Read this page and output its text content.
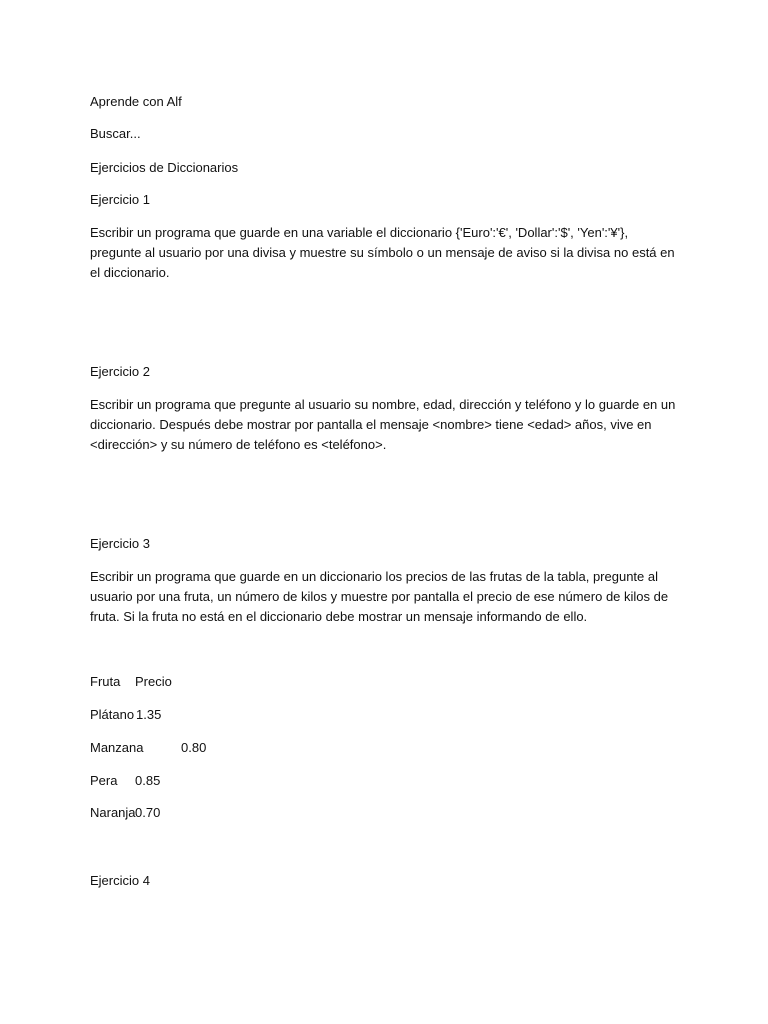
Aprende con Alf

Buscar...

Ejercicios de Diccionarios

Ejercicio 1

Escribir un programa que guarde en una variable el diccionario {'Euro':'€', 'Dollar':'$', 'Yen':'¥'}, pregunte al usuario por una divisa y muestre su símbolo o un mensaje de aviso si la divisa no está en el diccionario.

Ejercicio 2

Escribir un programa que pregunte al usuario su nombre, edad, dirección y teléfono y lo guarde en un diccionario. Después debe mostrar por pantalla el mensaje <nombre> tiene <edad> años, vive en <dirección> y su número de teléfono es <teléfono>.

Ejercicio 3

Escribir un programa que guarde en un diccionario los precios de las frutas de la tabla, pregunte al usuario por una fruta, un número de kilos y muestre por pantalla el precio de ese número de kilos de fruta. Si la fruta no está en el diccionario debe mostrar un mensaje informando de ello.

Fruta Precio

Plátano 1.35

Manzana	0.80

Pera 0.85

Naranja 0.70

Ejercicio 4
